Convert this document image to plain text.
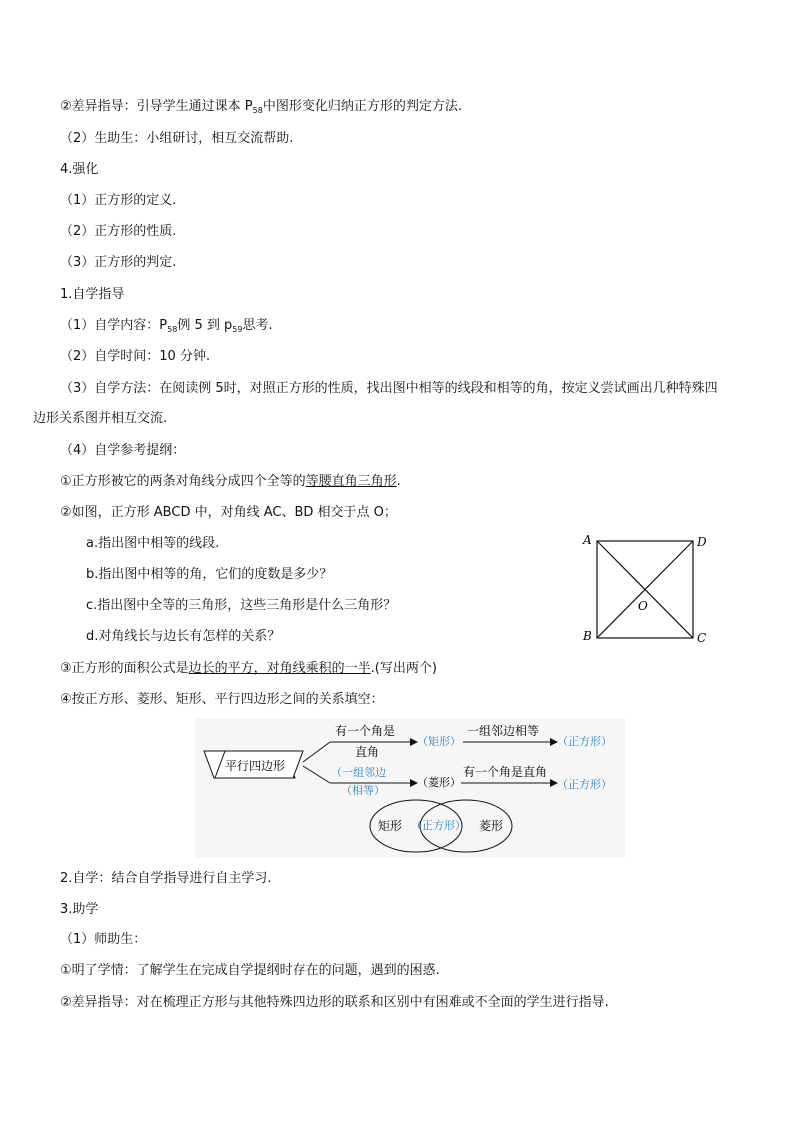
②差异指导：引导学生通过课本 $P_{58}$中图形变化归纳正方形的判定方法.
（2）生助生：小组研讨，相互交流帮助.
4.强化
（1）正方形的定义.
（2）正方形的性质.
（3）正方形的判定.
1.自学指导
（1）自学内容：$P_{58}$例 5 到 $p_{59}$思考.
（2）自学时间：10 分钟.
（3）自学方法：在阅读例 5时，对照正方形的性质，找出图中相等的线段和相等的角，按定义尝试画出几种特殊四
边形关系图并相互交流.
（4）自学参考提纲：
①正方形被它的两条对角线分成四个全等的等腰直角三角形.
②如图，正方形 ABCD 中，对角线 AC、BD 相交于点 O；
a.指出图中相等的线段.
b.指出图中相等的角，它们的度数是多少？
c.指出图中全等的三角形，这些三角形是什么三角形？
d.对角线长与边长有怎样的关系？
③正方形的面积公式是边长的平方，对角线乘积的一半.(写出两个)
④按正方形、菱形、矩形、平行四边形之间的关系填空：
A	D
B	C
O
平行四边形
有一个角是
直角
（矩形）
一组邻边相等
（正方形）
（一组邻边
（相等）
（菱形）
有一个角是直角
（正方形）
矩形 （正方形） 菱形
2.自学：结合自学指导进行自主学习.
3.助学
（1）师助生：
①明了学情：了解学生在完成自学提纲时存在的问题，遇到的困惑.
②差异指导：对在梳理正方形与其他特殊四边形的联系和区别中有困难或不全面的学生进行指导.
